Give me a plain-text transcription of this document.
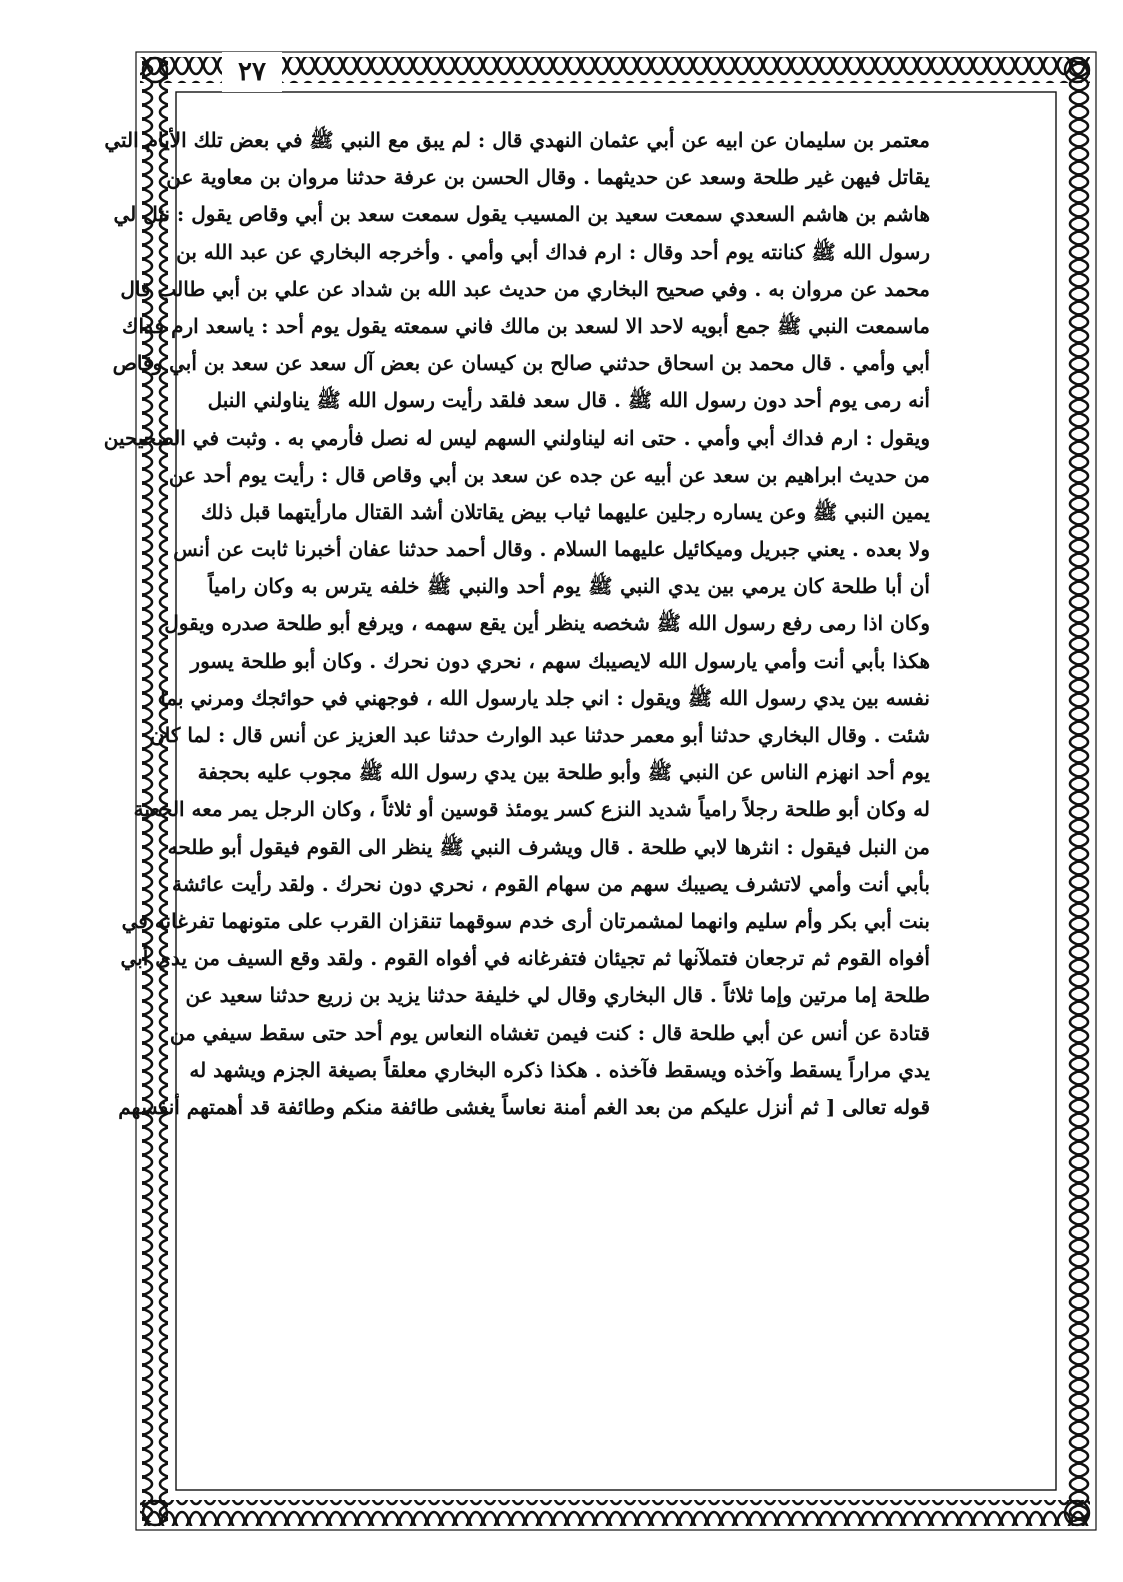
٢٧
معتمر بن سليمان عن ابيه عن أبي عثمان النهدي قال : لم يبق مع النبي ﷺ في بعض تلك الأيام التي
يقاتل فيهن غير طلحة وسعد عن حديثهما . وقال الحسن بن عرفة حدثنا مروان بن معاوية عن
هاشم بن هاشم السعدي سمعت سعيد بن المسيب يقول سمعت سعد بن أبي وقاص يقول : نثل لي
رسول الله ﷺ كنانته يوم أحد وقال : ارم فداك أبي وأمي . وأخرجه البخاري عن عبد الله بن
محمد عن مروان به . وفي صحيح البخاري من حديث عبد الله بن شداد عن علي بن أبي طالب قال
ماسمعت النبي ﷺ جمع أبويه لاحد الا لسعد بن مالك فاني سمعته يقول يوم أحد : ياسعد ارم فداك
أبي وأمي . قال محمد بن اسحاق حدثني صالح بن كيسان عن بعض آل سعد عن سعد بن أبي وقاص
أنه رمى يوم أحد دون رسول الله ﷺ . قال سعد فلقد رأيت رسول الله ﷺ يناولني النبل
ويقول : ارم فداك أبي وأمي . حتى انه ليناولني السهم ليس له نصل فأرمي به . وثبت في الصحيحين
من حديث ابراهيم بن سعد عن أبيه عن جده عن سعد بن أبي وقاص قال : رأيت يوم أحد عن
يمين النبي ﷺ وعن يساره رجلين عليهما ثياب بيض يقاتلان أشد القتال مارأيتهما قبل ذلك
ولا بعده . يعني جبريل وميكائيل عليهما السلام . وقال أحمد حدثنا عفان أخبرنا ثابت عن أنس
أن أبا طلحة كان يرمي بين يدي النبي ﷺ يوم أحد والنبي ﷺ خلفه يترس به وكان رامياً
وكان اذا رمى رفع رسول الله ﷺ شخصه ينظر أين يقع سهمه ، ويرفع أبو طلحة صدره ويقول
هكذا بأبي أنت وأمي يارسول الله لايصيبك سهم ، نحري دون نحرك . وكان أبو طلحة يسور
نفسه بين يدي رسول الله ﷺ ويقول : اني جلد يارسول الله ، فوجهني في حوائجك ومرني بما
شئت . وقال البخاري حدثنا أبو معمر حدثنا عبد الوارث حدثنا عبد العزيز عن أنس قال : لما كان
يوم أحد انهزم الناس عن النبي ﷺ وأبو طلحة بين يدي رسول الله ﷺ مجوب عليه بحجفة
له وكان أبو طلحة رجلاً رامياً شديد النزع كسر يومئذ قوسين أو ثلاثاً ، وكان الرجل يمر معه الجعبة
من النبل فيقول : انثرها لابي طلحة . قال ويشرف النبي ﷺ ينظر الى القوم فيقول أبو طلحه
بأبي أنت وأمي لاتشرف يصيبك سهم من سهام القوم ، نحري دون نحرك . ولقد رأيت عائشة
بنت أبي بكر وأم سليم وانهما لمشمرتان أرى خدم سوقهما تنقزان القرب على متونهما تفرغانه في
أفواه القوم ثم ترجعان فتملآنها ثم تجيئان فتفرغانه في أفواه القوم . ولقد وقع السيف من يدي أبي
طلحة إما مرتين وإما ثلاثاً . قال البخاري وقال لي خليفة حدثنا يزيد بن زريع حدثنا سعيد عن
قتادة عن أنس عن أبي طلحة قال : كنت فيمن تغشاه النعاس يوم أحد حتى سقط سيفي من
يدي مراراً يسقط وآخذه ويسقط فآخذه . هكذا ذكره البخاري معلقاً بصيغة الجزم ويشهد له
قوله تعالى [ ثم أنزل عليكم من بعد الغم أمنة نعاساً يغشى طائفة منكم وطائفة قد أهمتهم أنفسهم
